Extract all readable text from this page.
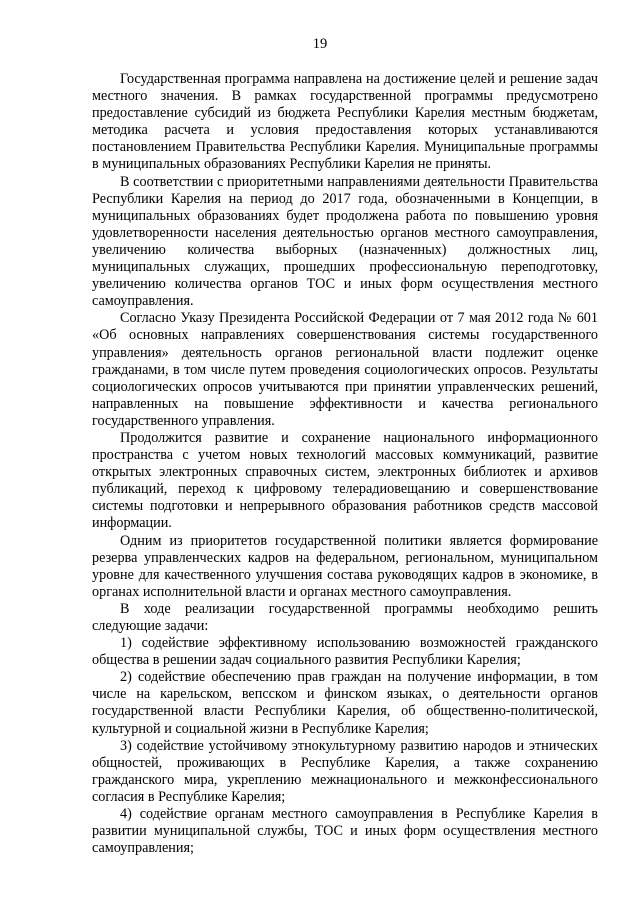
19

Государственная программа направлена на достижение целей и решение задач местного значения. В рамках государственной программы предусмотрено предоставление субсидий из бюджета Республики Карелия местным бюджетам, методика расчета и условия предоставления которых устанавливаются постановлением Правительства Республики Карелия. Муниципальные программы в муниципальных образованиях Республики Карелия не приняты.

В соответствии с приоритетными направлениями деятельности Правительства Республики Карелия на период до 2017 года, обозначенными в Концепции, в муниципальных образованиях будет продолжена работа по повышению уровня удовлетворенности населения деятельностью органов местного самоуправления, увеличению количества выборных (назначенных) должностных лиц, муниципальных служащих, прошедших профессиональную переподготовку, увеличению количества органов ТОС и иных форм осуществления местного самоуправления.

Согласно Указу Президента Российской Федерации от 7 мая 2012 года № 601 «Об основных направлениях совершенствования системы государственного управления» деятельность органов региональной власти подлежит оценке гражданами, в том числе путем проведения социологических опросов. Результаты социологических опросов учитываются при принятии управленческих решений, направленных на повышение эффективности и качества регионального государственного управления.

Продолжится развитие и сохранение национального информационного пространства с учетом новых технологий массовых коммуникаций, развитие открытых электронных справочных систем, электронных библиотек и архивов публикаций, переход к цифровому телерадиовещанию и совершенствование системы подготовки и непрерывного образования работников средств массовой информации.

Одним из приоритетов государственной политики является формирование резерва управленческих кадров на федеральном, региональном, муниципальном уровне для качественного улучшения состава руководящих кадров в экономике, в органах исполнительной власти и органах местного самоуправления.

В ходе реализации государственной программы необходимо решить следующие задачи:

1) содействие эффективному использованию возможностей гражданского общества в решении задач социального развития Республики Карелия;

2) содействие обеспечению прав граждан на получение информации, в том числе на карельском, вепсском и финском языках, о деятельности органов государственной власти Республики Карелия, об общественно-политической, культурной и социальной жизни в Республике Карелия;

3) содействие устойчивому этнокультурному развитию народов и этнических общностей, проживающих в Республике Карелия, а также сохранению гражданского мира, укреплению межнационального и межконфессионального согласия в Республике Карелия;

4) содействие органам местного самоуправления в Республике Карелия в развитии муниципальной службы, ТОС и иных форм осуществления местного самоуправления;
